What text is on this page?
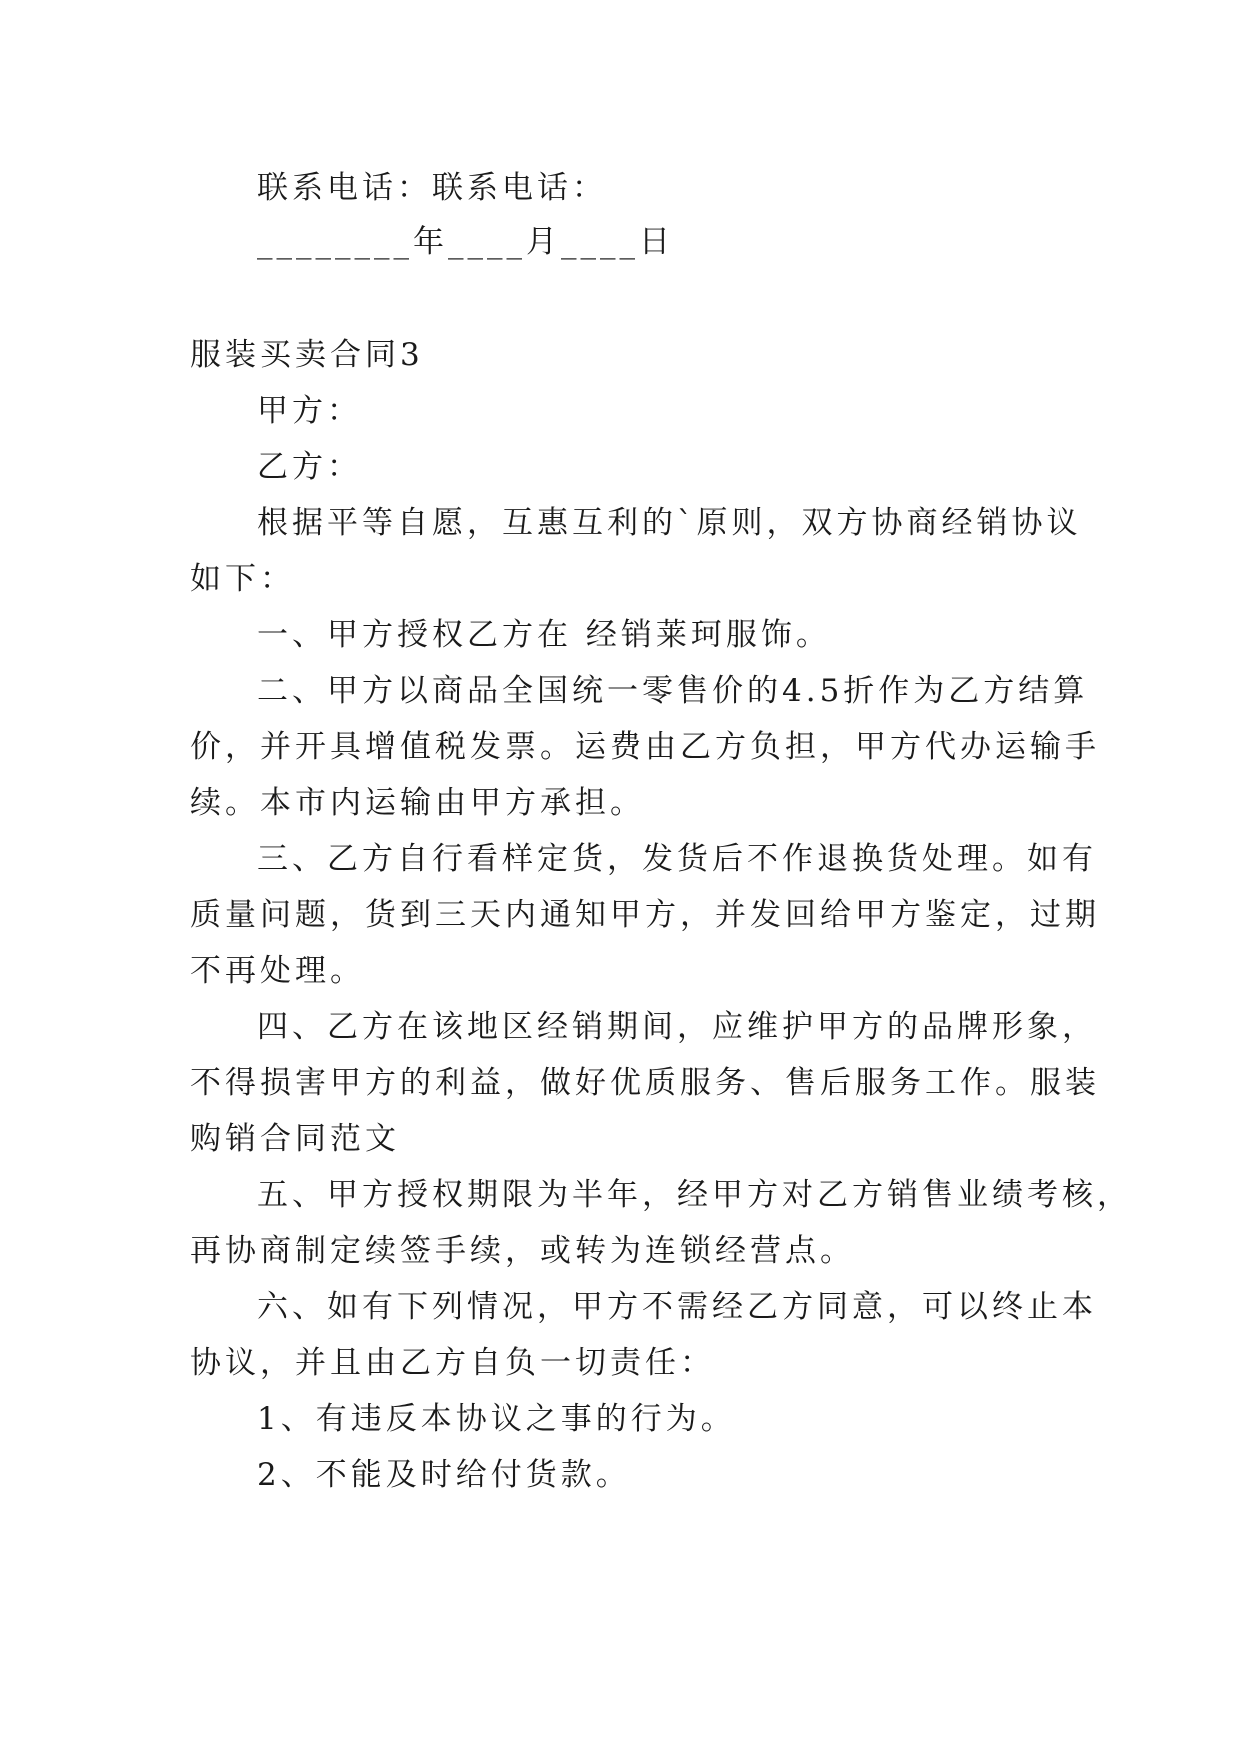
联系电话：联系电话：
________年____月____日
服装买卖合同3
甲方：
乙方：
根据平等自愿，互惠互利的`原则，双方协商经销协议
如下：
一、甲方授权乙方在 经销莱珂服饰。
二、甲方以商品全国统一零售价的4.5折作为乙方结算
价，并开具增值税发票。运费由乙方负担，甲方代办运输手
续。本市内运输由甲方承担。
三、乙方自行看样定货，发货后不作退换货处理。如有
质量问题，货到三天内通知甲方，并发回给甲方鉴定，过期
不再处理。
四、乙方在该地区经销期间，应维护甲方的品牌形象，
不得损害甲方的利益，做好优质服务、售后服务工作。服装
购销合同范文
五、甲方授权期限为半年，经甲方对乙方销售业绩考核，
再协商制定续签手续，或转为连锁经营点。
六、如有下列情况，甲方不需经乙方同意，可以终止本
协议，并且由乙方自负一切责任：
1、有违反本协议之事的行为。
2、不能及时给付货款。
